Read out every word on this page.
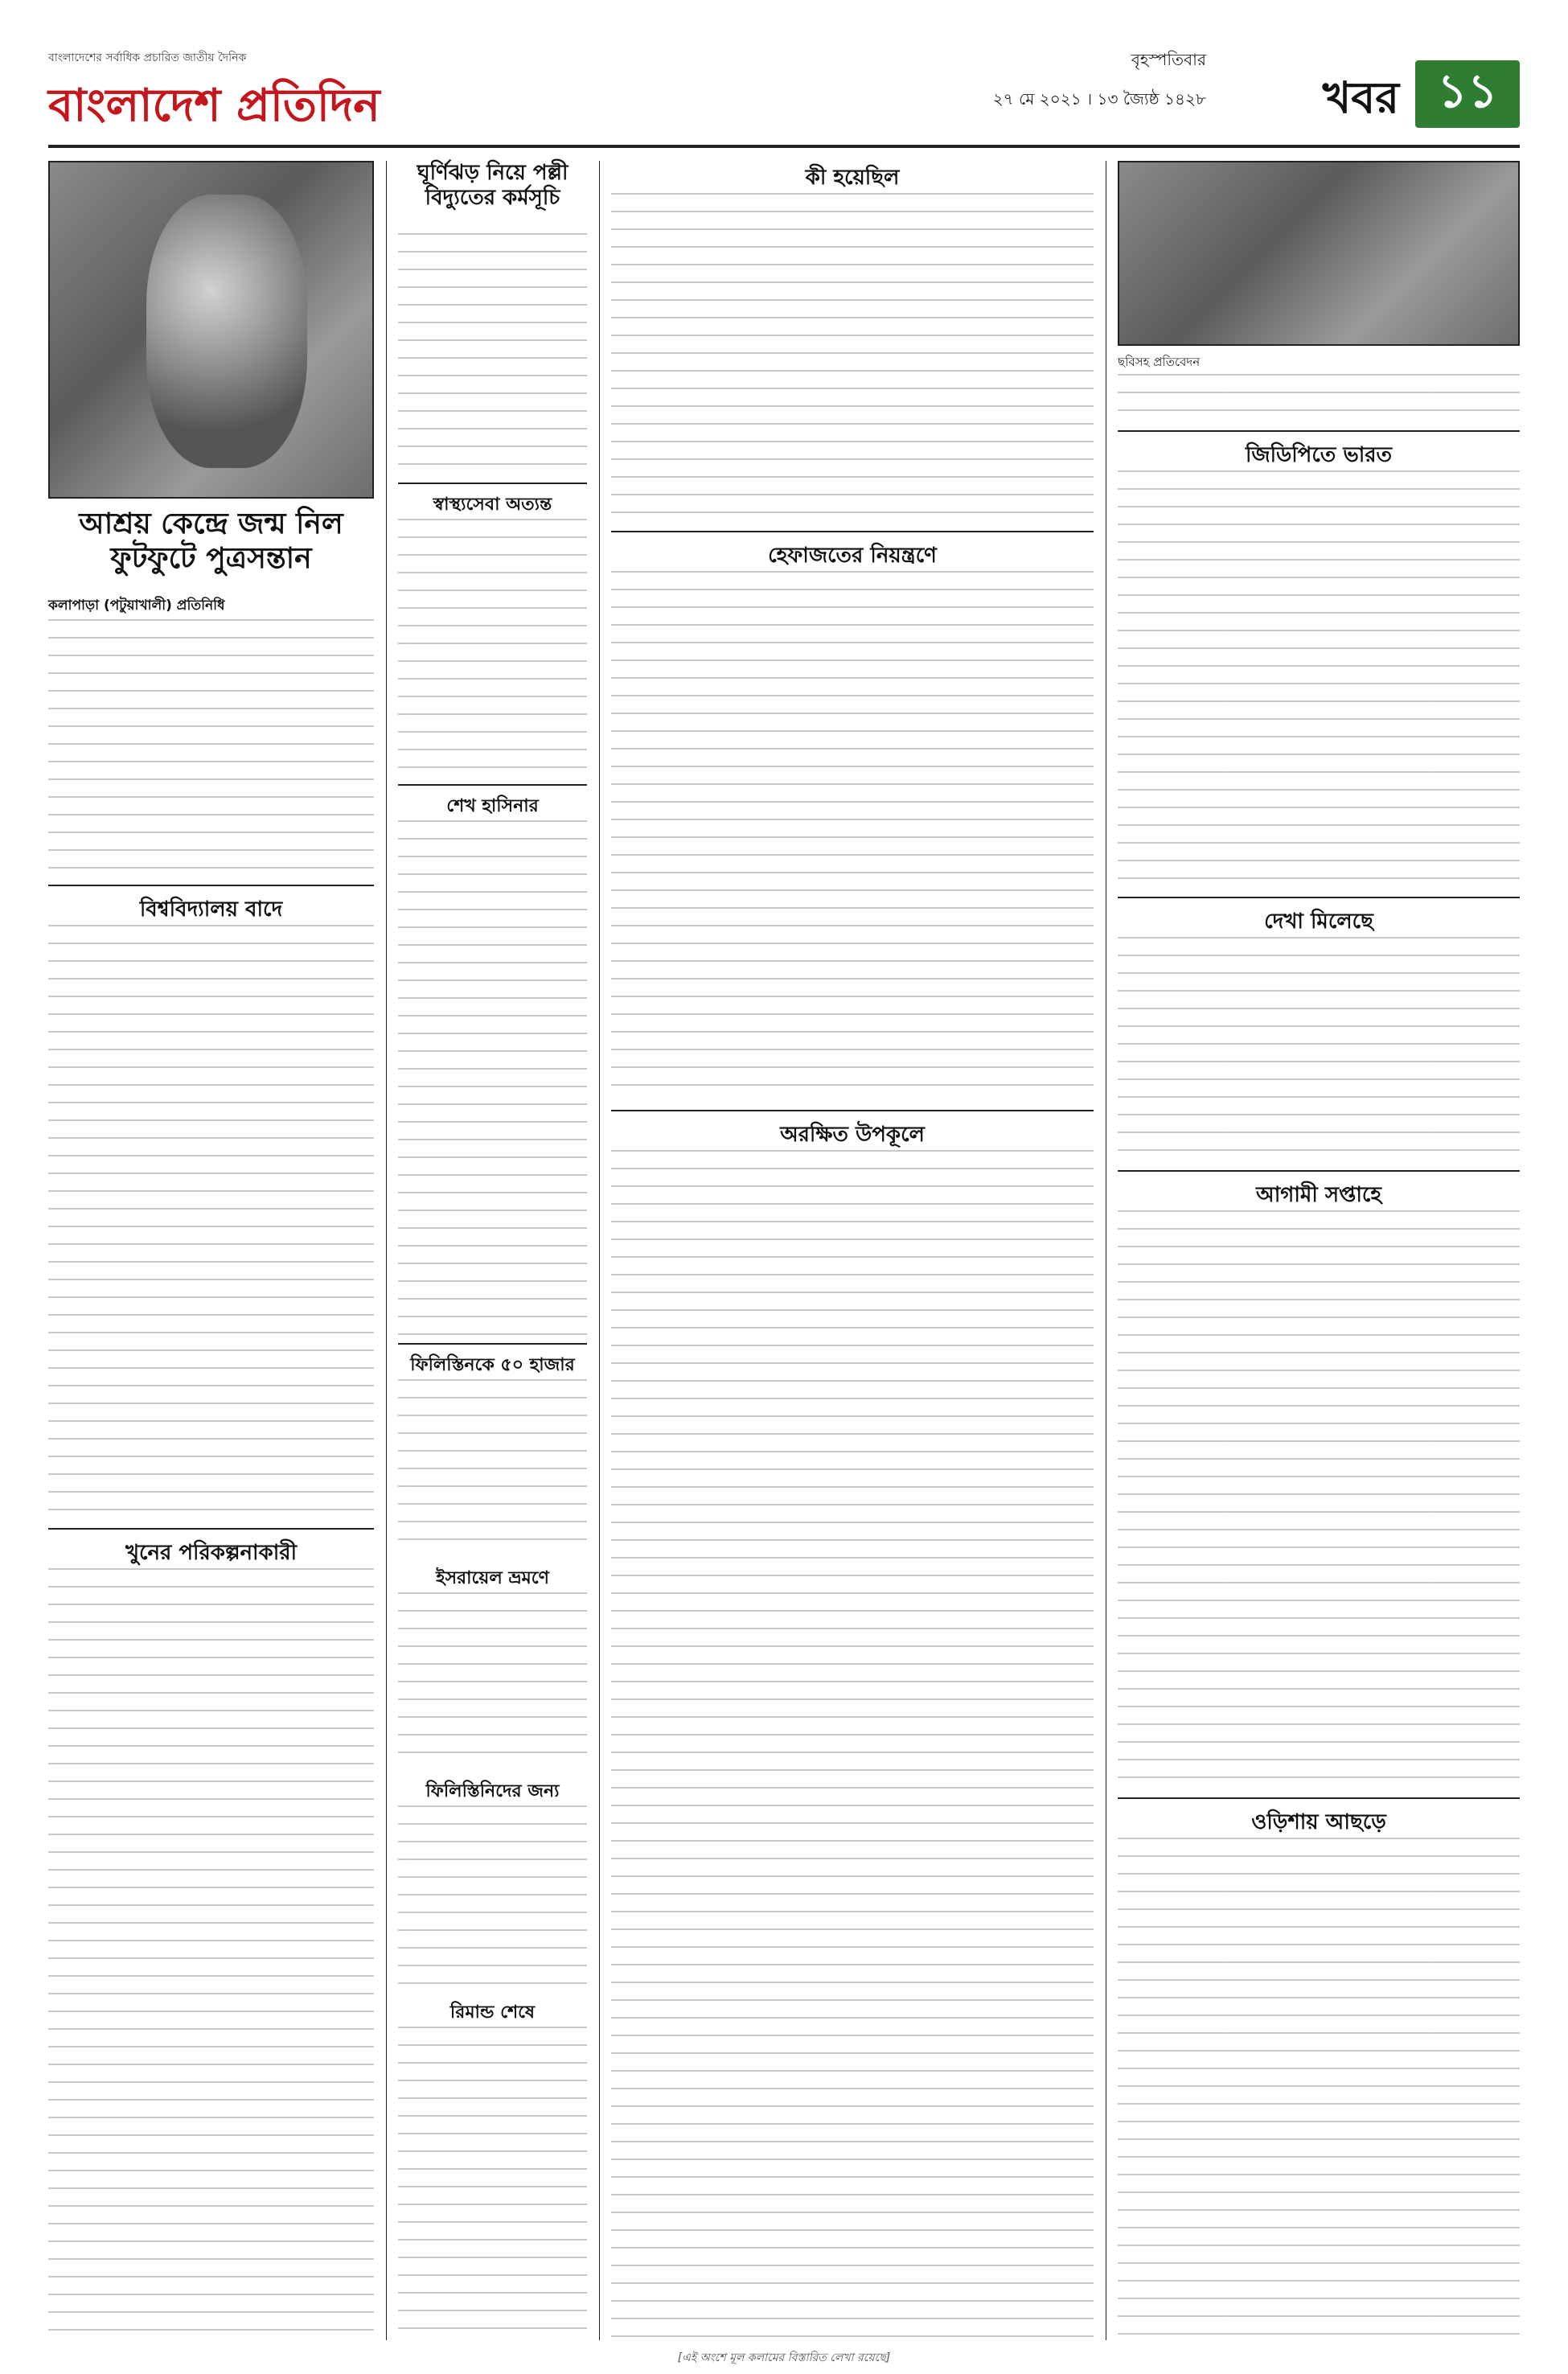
বাংলাদেশের সর্বাধিক প্রচারিত জাতীয় দৈনিক
বাংলাদেশ প্রতিদিন
বৃহস্পতিবার
২৭ মে ২০২১ । ১৩ জ্যৈষ্ঠ ১৪২৮	খবর ১১
আশ্রয় কেন্দ্রে জন্ম নিল ফুটফুটে পুত্রসন্তান
কলাপাড়া (পটুয়াখালী) প্রতিনিধি
বিশ্ববিদ্যালয় বাদে
খুনের পরিকল্পনাকারী
ঘূর্ণিঝড় নিয়ে পল্লী বিদ্যুতের কর্মসূচি
স্বাস্থ্যসেবা অত্যন্ত
শেখ হাসিনার
ফিলিস্তিনকে ৫০ হাজার
ইসরায়েল ভ্রমণে
ফিলিস্তিনিদের জন্য
রিমান্ড শেষে
কী হয়েছিল
হেফাজতের নিয়ন্ত্রণে
অরক্ষিত উপকূলে
ছবিসহ প্রতিবেদন
জিডিপিতে ভারত
দেখা মিলেছে
আগামী সপ্তাহে
ওড়িশায় আছড়ে
[এই অংশে মূল কলামের বিস্তারিত লেখা রয়েছে]
